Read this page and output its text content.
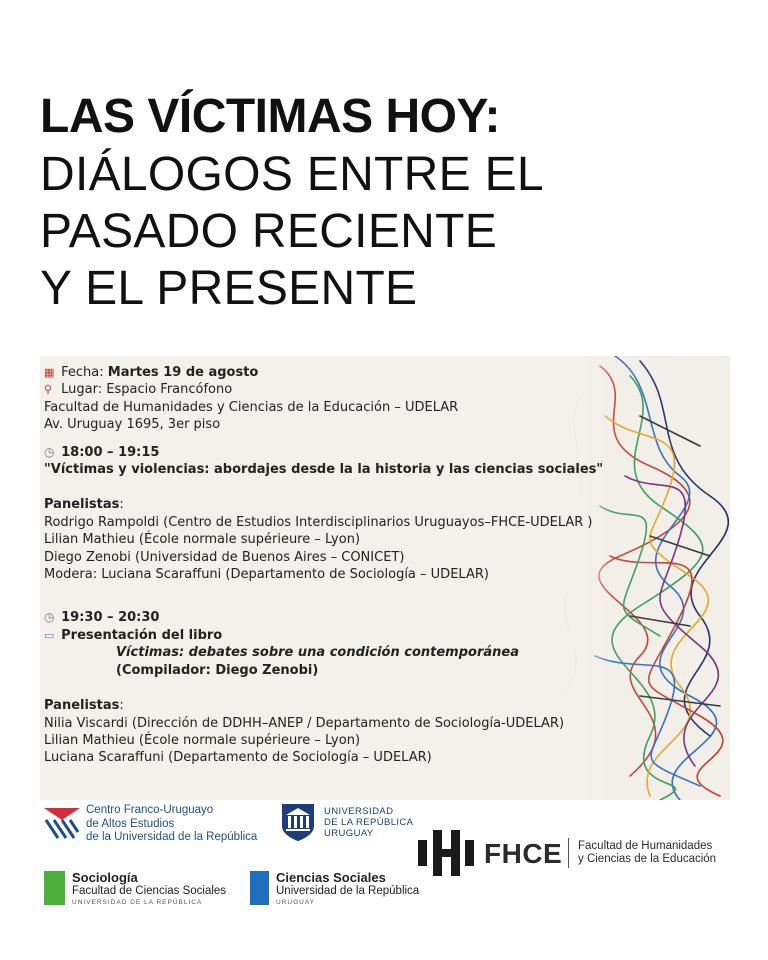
LAS VÍCTIMAS HOY:
DIÁLOGOS ENTRE EL
PASADO RECIENTE
Y EL PRESENTE

▦ Fecha: Martes 19 de agosto

⚲ Lugar: Espacio Francófono

Facultad de Humanidades y Ciencias de la Educación – UDELAR

Av. Uruguay 1695, 3er piso

◷ 18:00 – 19:15

"Víctimas y violencias: abordajes desde la la historia y las ciencias sociales"

Panelistas:

Rodrigo Rampoldi (Centro de Estudios Interdisciplinarios Uruguayos–FHCE-UDELAR )

Lilian Mathieu (École normale supérieure – Lyon)

Diego Zenobi (Universidad de Buenos Aires – CONICET)

Modera: Luciana Scaraffuni (Departamento de Sociología – UDELAR)

◷ 19:30 – 20:30

▭ Presentación del libro

Víctimas: debates sobre una condición contemporánea

(Compilador: Diego Zenobi)

Panelistas:

Nilia Viscardi (Dirección de DDHH–ANEP / Departamento de Sociología-UDELAR)

Lilian Mathieu (École normale supérieure – Lyon)

Luciana Scaraffuni (Departamento de Sociología – UDELAR)

Centro Franco-Uruguayo
de Altos Estudios
de la Universidad de la República
UNIVERSIDAD
DE LA REPÚBLICA
URUGUAY
FHCE Facultad de Humanidades
y Ciencias de la Educación
Sociología
Facultad de Ciencias Sociales
UNIVERSIDAD DE LA REPÚBLICA
Ciencias Sociales
Universidad de la República
URUGUAY
